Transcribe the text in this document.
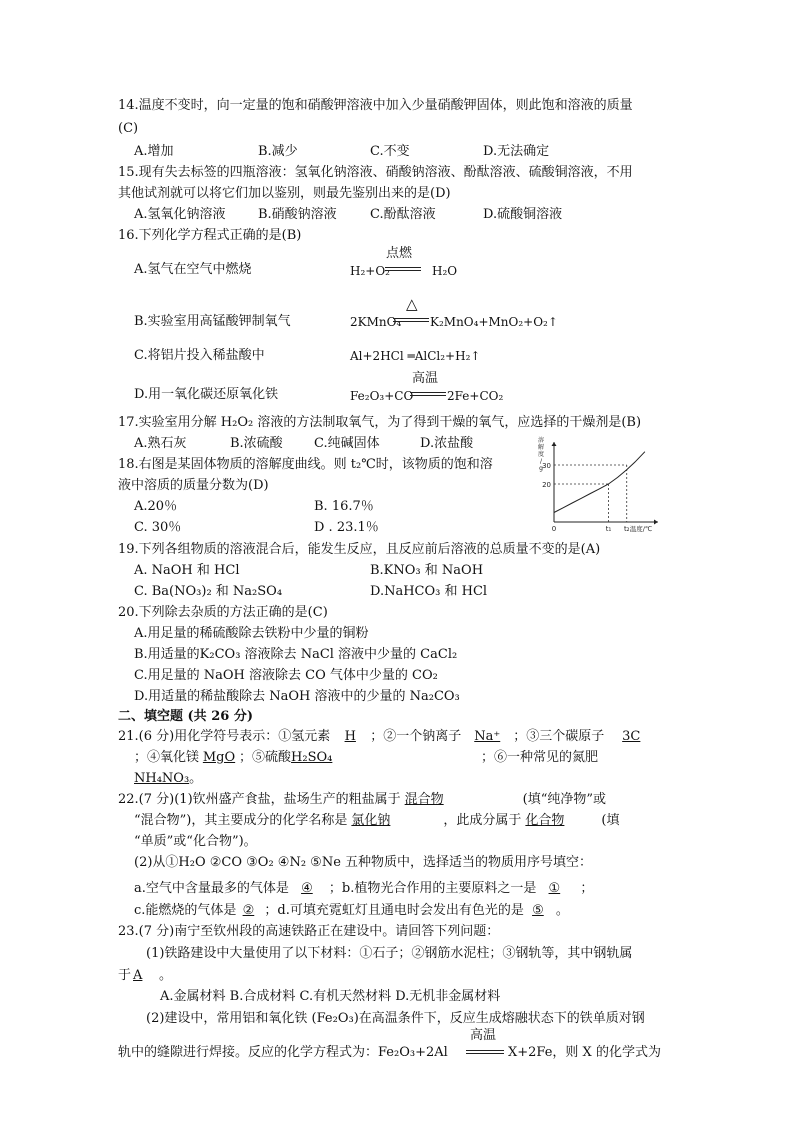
14.温度不变时，向一定量的饱和硝酸钾溶液中加入少量硝酸钾固体，则此饱和溶液的质量
(C)
A.增加	B.减少	C.不变	D.无法确定
15.现有失去标签的四瓶溶液：氢氧化钠溶液、硝酸钠溶液、酚酞溶液、硫酸铜溶液，不用
其他试剂就可以将它们加以鉴别，则最先鉴别出来的是(D)
A.氢氧化钠溶液 B.硝酸钠溶液	C.酚酞溶液	D.硫酸铜溶液
16.下列化学方程式正确的是(B)
A.氢气在空气中燃烧
点燃
H₂+O₂	H₂O
B.实验室用高锰酸钾制氧气
△
2KMnO₄ K₂MnO₄+MnO₂+O₂↑
C.将铝片投入稀盐酸中	Al+2HCl ═AlCl₂+H₂↑
D.用一氧化碳还原氧化铁
高温
Fe₂O₃+CO	2Fe+CO₂
17.实验室用分解 H₂O₂ 溶液的方法制取氧气，为了得到干燥的氧气，应选择的干燥剂是(B)
A.熟石灰	B.浓硫酸 C.纯碱固体	D.浓盐酸
18.右图是某固体物质的溶解度曲线。则 t₂℃时，该物质的饱和溶
液中溶质的质量分数为(D)
A.20％	B. 16.7％
C. 30％	D . 23.1％
20
30
0	t₁ t₂ 温度/℃
溶
解
度
/
g
19.下列各组物质的溶液混合后，能发生反应，且反应前后溶液的总质量不变的是(A)
A. NaOH 和 HCl	B.KNO₃ 和 NaOH
C. Ba(NO₃)₂ 和 Na₂SO₄	D.NaHCO₃ 和 HCl
20.下列除去杂质的方法正确的是(C)
A.用足量的稀硫酸除去铁粉中少量的铜粉
B.用适量的K₂CO₃ 溶液除去 NaCl 溶液中少量的 CaCl₂
C.用足量的 NaOH 溶液除去 CO 气体中少量的 CO₂
D.用适量的稀盐酸除去 NaOH 溶液中的少量的 Na₂CO₃
二、填空题 (共 26 分)
21.(6 分)用化学符号表示：①氢元素 H ；②一个钠离子 Na⁺ ；③三个碳原子 3C
；④氧化镁 MgO ；⑤硫酸H₂SO₄	；⑥一种常见的氮肥
NH₄NO₃。
22.(7 分)(1)钦州盛产食盐，盐场生产的粗盐属于 混合物	(填“纯净物”或
“混合物”)，其主要成分的化学名称是 氯化钠	，此成分属于 化合物	(填
“单质”或“化合物”)。
(2)从①H₂O ②CO ③O₂ ④N₂ ⑤Ne 五种物质中，选择适当的物质用序号填空：
a.空气中含量最多的气体是 ④ ；b.植物光合作用的主要原料之一是 ① ；
c.能燃烧的气体是 ② ；d.可填充霓虹灯且通电时会发出有色光的是 ⑤ 。
23.(7 分)南宁至钦州段的高速铁路正在建设中。请回答下列问题：
(1)铁路建设中大量使用了以下材料：①石子；②钢筋水泥柱；③钢轨等，其中钢轨属
于 A 。
A.金属材料 B.合成材料 C.有机天然材料 D.无机非金属材料
(2)建设中，常用铝和氧化铁 (Fe₂O₃)在高温条件下，反应生成熔融状态下的铁单质对钢
高温
轨中的缝隙进行焊接。反应的化学方程式为：Fe₂O₃+2Al	X+2Fe，则 X 的化学式为
